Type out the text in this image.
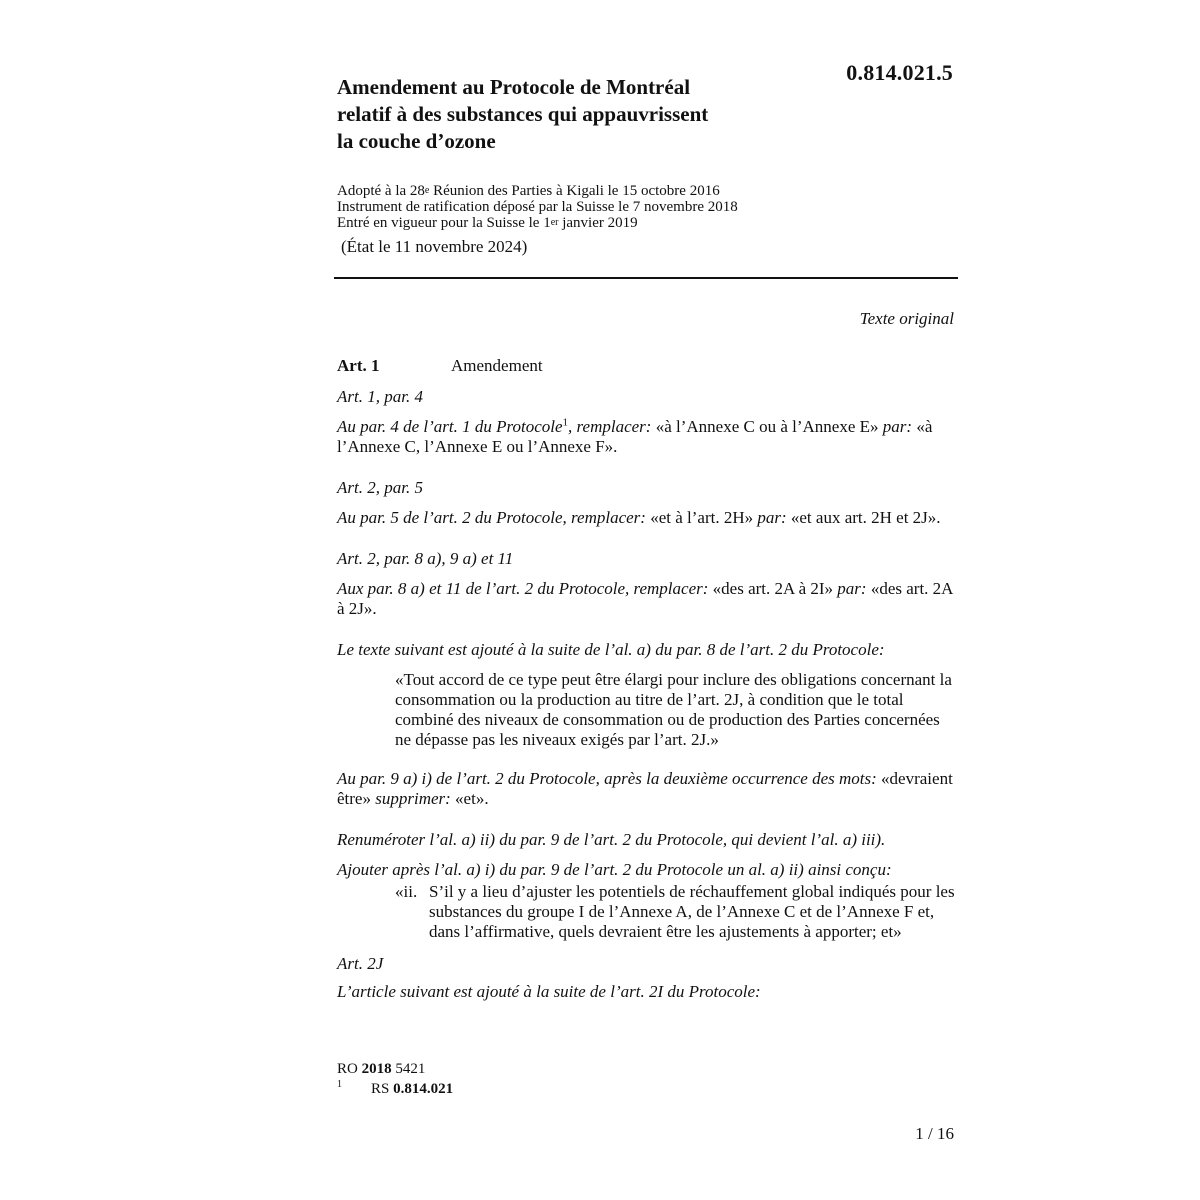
0.814.021.5
Amendement au Protocole de Montréal
relatif à des substances qui appauvrissent
la couche d’ozone
Adopté à la 28e Réunion des Parties à Kigali le 15 octobre 2016
Instrument de ratification déposé par la Suisse le 7 novembre 2018
Entré en vigueur pour la Suisse le 1er janvier 2019
(État le 11 novembre 2024)
Texte original
Art. 1	Amendement
Art. 1, par. 4
Au par. 4 de l’art. 1 du Protocole$^1$, remplacer: «à l’Annexe C ou à l’Annexe E» par: «à l’Annexe C, l’Annexe E ou l’Annexe F».
Art. 2, par. 5
Au par. 5 de l’art. 2 du Protocole, remplacer: «et à l’art. 2H» par: «et aux art. 2H et 2J».
Art. 2, par. 8 a), 9 a) et 11
Aux par. 8 a) et 11 de l’art. 2 du Protocole, remplacer: «des art. 2A à 2I» par: «des art. 2A à 2J».
Le texte suivant est ajouté à la suite de l’al. a) du par. 8 de l’art. 2 du Protocole:
«Tout accord de ce type peut être élargi pour inclure des obligations concernant la consommation ou la production au titre de l’art. 2J, à condition que le total combiné des niveaux de consommation ou de production des Parties concernées ne dépasse pas les niveaux exigés par l’art. 2J.»
Au par. 9 a) i) de l’art. 2 du Protocole, après la deuxième occurrence des mots: «devraient être» supprimer: «et».
Renuméroter l’al. a) ii) du par. 9 de l’art. 2 du Protocole, qui devient l’al. a) iii).
Ajouter après l’al. a) i) du par. 9 de l’art. 2 du Protocole un al. a) ii) ainsi conçu:
«ii. S’il y a lieu d’ajuster les potentiels de réchauffement global indiqués pour les substances du groupe I de l’Annexe A, de l’Annexe C et de l’Annexe F et, dans l’affirmative, quels devraient être les ajustements à apporter; et»
Art. 2J
L’article suivant est ajouté à la suite de l’art. 2I du Protocole:
RO 2018 5421
1	RS 0.814.021
1 / 16
